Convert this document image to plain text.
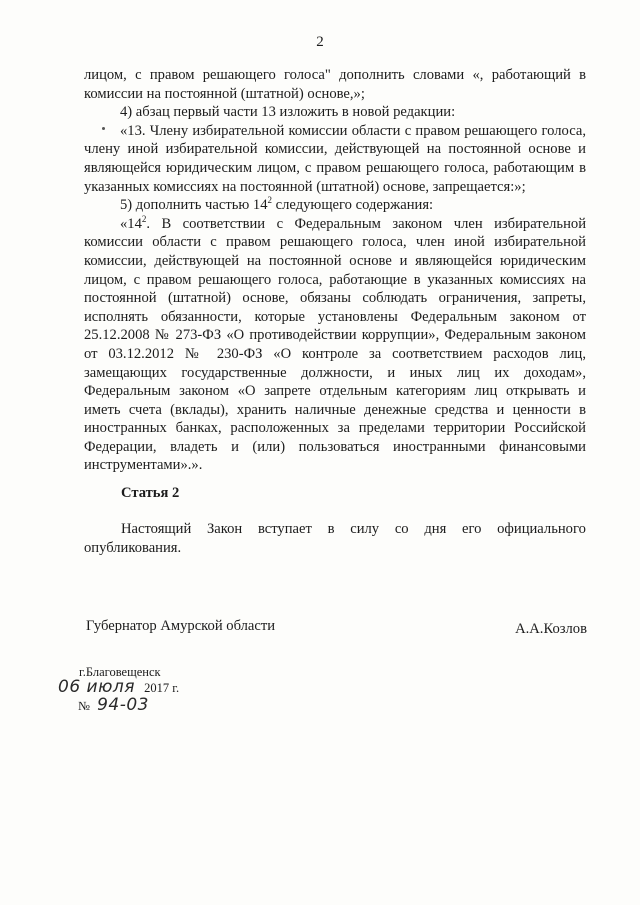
2

лицом, с правом решающего голоса" дополнить словами «, работающий в комиссии на постоянной (штатной) основе,»;

4) абзац первый части 13 изложить в новой редакции:

«13. Члену избирательной комиссии области с правом решающего голоса, члену иной избирательной комиссии, действующей на постоянной основе и являющейся юридическим лицом, с правом решающего голоса, работающим в указанных комиссиях на постоянной (штатной) основе, запрещается:»;

5) дополнить частью $14^2$ следующего содержания:

«$14^2$. В соответствии с Федеральным законом член избирательной комиссии области с правом решающего голоса, член иной избирательной комиссии, действующей на постоянной основе и являющейся юридическим лицом, с правом решающего голоса, работающие в указанных комиссиях на постоянной (штатной) основе, обязаны соблюдать ограничения, запреты, исполнять обязанности, которые установлены Федеральным законом от 25.12.2008 № 273-ФЗ «О противодействии коррупции», Федеральным законом от 03.12.2012 № 230-ФЗ «О контроле за соответствием расходов лиц, замещающих государственные должности, и иных лиц их доходам», Федеральным законом «О запрете отдельным категориям лиц открывать и иметь счета (вклады), хранить наличные денежные средства и ценности в иностранных банках, расположенных за пределами территории Российской Федерации, владеть и (или) пользоваться иностранными финансовыми инструментами».».

Статья 2
Настоящий Закон вступает в силу со дня его официального

опубликования.

Губернатор Амурской области	А.А.Козлов
г.Благовещенск
06 июля 2017 г.
№ 94-03
